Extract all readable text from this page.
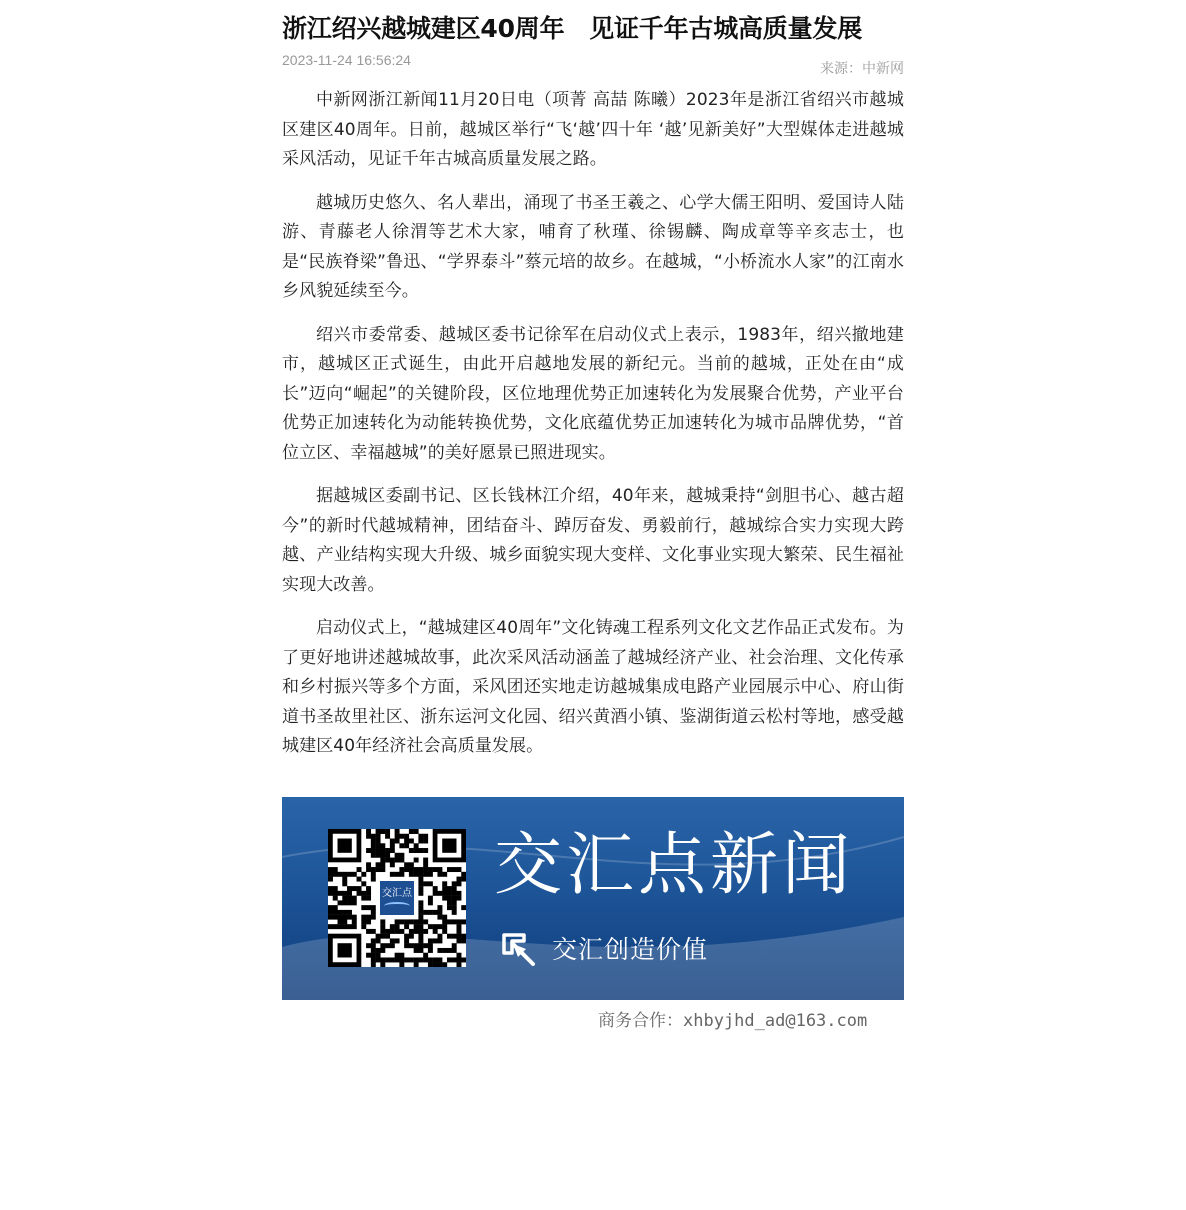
浙江绍兴越城建区40周年　见证千年古城高质量发展
2023-11-24 16:56:24
来源：中新网

中新网浙江新闻11月20日电（项菁 高喆 陈曦）2023年是浙江省绍兴市越城区建区40周年。日前，越城区举行“飞‘越’四十年 ‘越’见新美好”大型媒体走进越城采风活动，见证千年古城高质量发展之路。

越城历史悠久、名人辈出，涌现了书圣王羲之、心学大儒王阳明、爱国诗人陆游、青藤老人徐渭等艺术大家，哺育了秋瑾、徐锡麟、陶成章等辛亥志士，也是“民族脊梁”鲁迅、“学界泰斗”蔡元培的故乡。在越城，“小桥流水人家”的江南水乡风貌延续至今。

绍兴市委常委、越城区委书记徐军在启动仪式上表示，1983年，绍兴撤地建市，越城区正式诞生，由此开启越地发展的新纪元。当前的越城，正处在由“成长”迈向“崛起”的关键阶段，区位地理优势正加速转化为发展聚合优势，产业平台优势正加速转化为动能转换优势，文化底蕴优势正加速转化为城市品牌优势，“首位立区、幸福越城”的美好愿景已照进现实。

据越城区委副书记、区长钱林江介绍，40年来，越城秉持“剑胆书心、越古超今”的新时代越城精神，团结奋斗、踔厉奋发、勇毅前行，越城综合实力实现大跨越、产业结构实现大升级、城乡面貌实现大变样、文化事业实现大繁荣、民生福祉实现大改善。

启动仪式上，“越城建区40周年”文化铸魂工程系列文化文艺作品正式发布。为了更好地讲述越城故事，此次采风活动涵盖了越城经济产业、社会治理、文化传承和乡村振兴等多个方面，采风团还实地走访越城集成电路产业园展示中心、府山街道书圣故里社区、浙东运河文化园、绍兴黄酒小镇、鉴湖街道云松村等地，感受越城建区40年经济社会高质量发展。

交汇点 交汇点新闻
交汇创造价值
商务合作：xhbyjhd_ad@163.com
